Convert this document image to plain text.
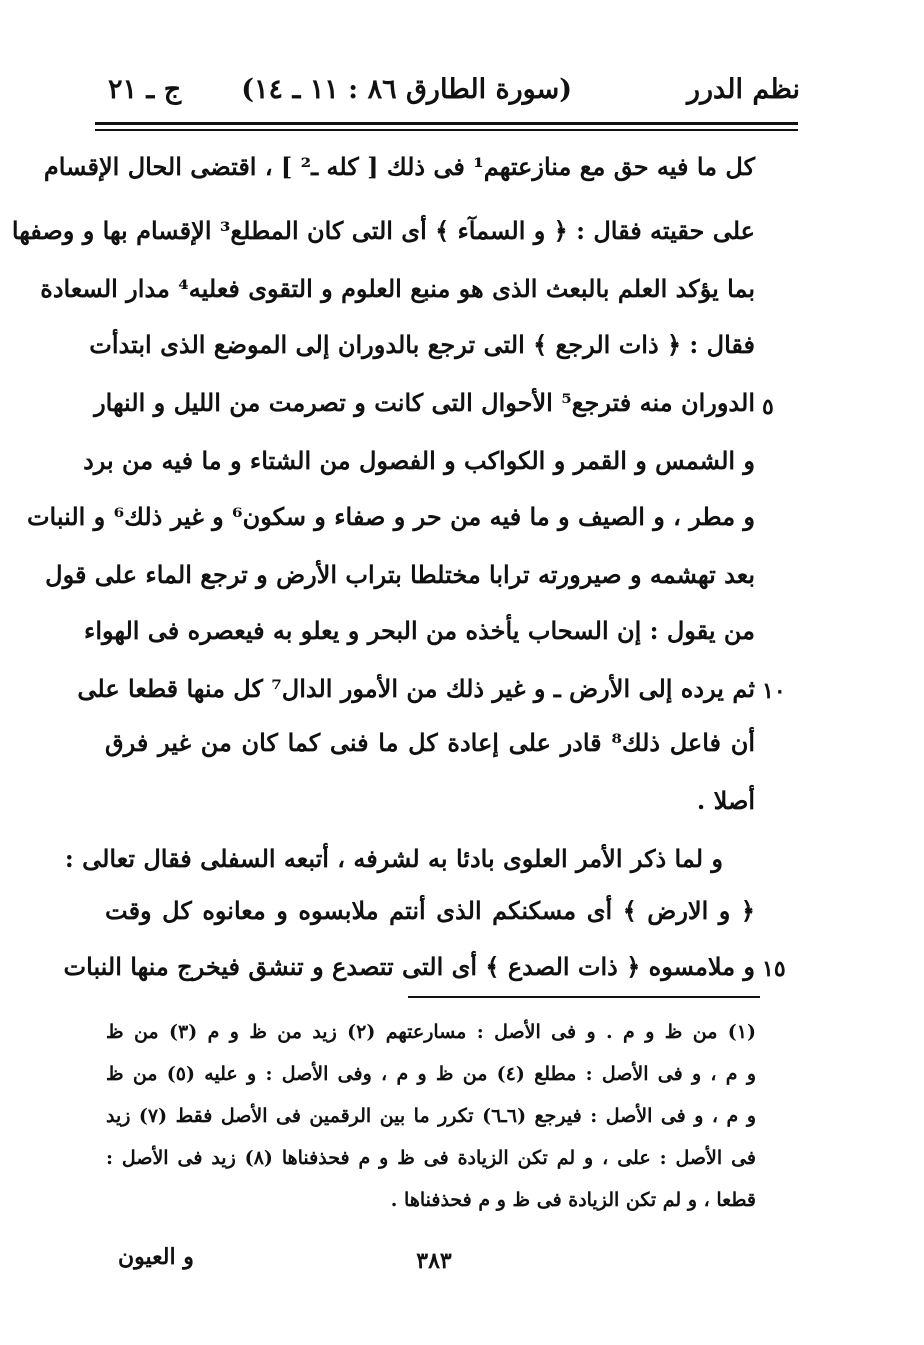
نظم الدرر
(سورة الطارق ٨٦ : ١١ ـ ١٤)
ج ـ ٢١
كل ما فيه حق مع منازعتهم¹ فى ذلك [ كله ـ² ] ، اقتضى الحال الإقسام
على حقيته فقال : ﴿ و السمآء ﴾ أى التى كان المطلع³ الإقسام بها و وصفها
بما يؤكد العلم بالبعث الذى هو منبع العلوم و التقوى فعليه⁴ مدار السعادة
فقال : ﴿ ذات الرجع ﴾ التى ترجع بالدوران إلى الموضع الذى ابتدأت
الدوران منه فترجع⁵ الأحوال التى كانت و تصرمت من الليل و النهار ٥
و الشمس و القمر و الكواكب و الفصول من الشتاء و ما فيه من برد
و مطر ، و الصيف و ما فيه من حر و صفاء و سكون⁶ و غير ذلك⁶ و النبات
بعد تهشمه و صيرورته ترابا مختلطا بتراب الأرض و ترجع الماء على قول
من يقول : إن السحاب يأخذه من البحر و يعلو به فيعصره فى الهواء
ثم يرده إلى الأرض ـ و غير ذلك من الأمور الدال⁷ كل منها قطعا على ١٠
أن فاعل ذلك⁸ قادر على إعادة كل ما فنى كما كان من غير فرق
أصلا .
و لما ذكر الأمر العلوى بادئا به لشرفه ، أتبعه السفلى فقال تعالى :
﴿ و الارض ﴾ أى مسكنكم الذى أنتم ملابسوه و معانوه كل وقت
و ملامسوه ﴿ ذات الصدع ﴾ أى التى تتصدع و تنشق فيخرج منها النبات ١٥
(١) من ظ و م . و فى الأصل : مسارعتهم (٢) زيد من ظ و م (٣) من ظ
و م ، و فى الأصل : مطلع (٤) من ظ و م ، وفى الأصل : و عليه (٥) من ظ
و م ، و فى الأصل : فيرجع (٦ـ٦) تكرر ما بين الرقمين فى الأصل فقط (٧) زيد
فى الأصل : على ، و لم تكن الزيادة فى ظ و م فحذفناها (٨) زيد فى الأصل :
قطعا ، و لم تكن الزيادة فى ظ و م فحذفناها .
و العيون	٣٨٣
